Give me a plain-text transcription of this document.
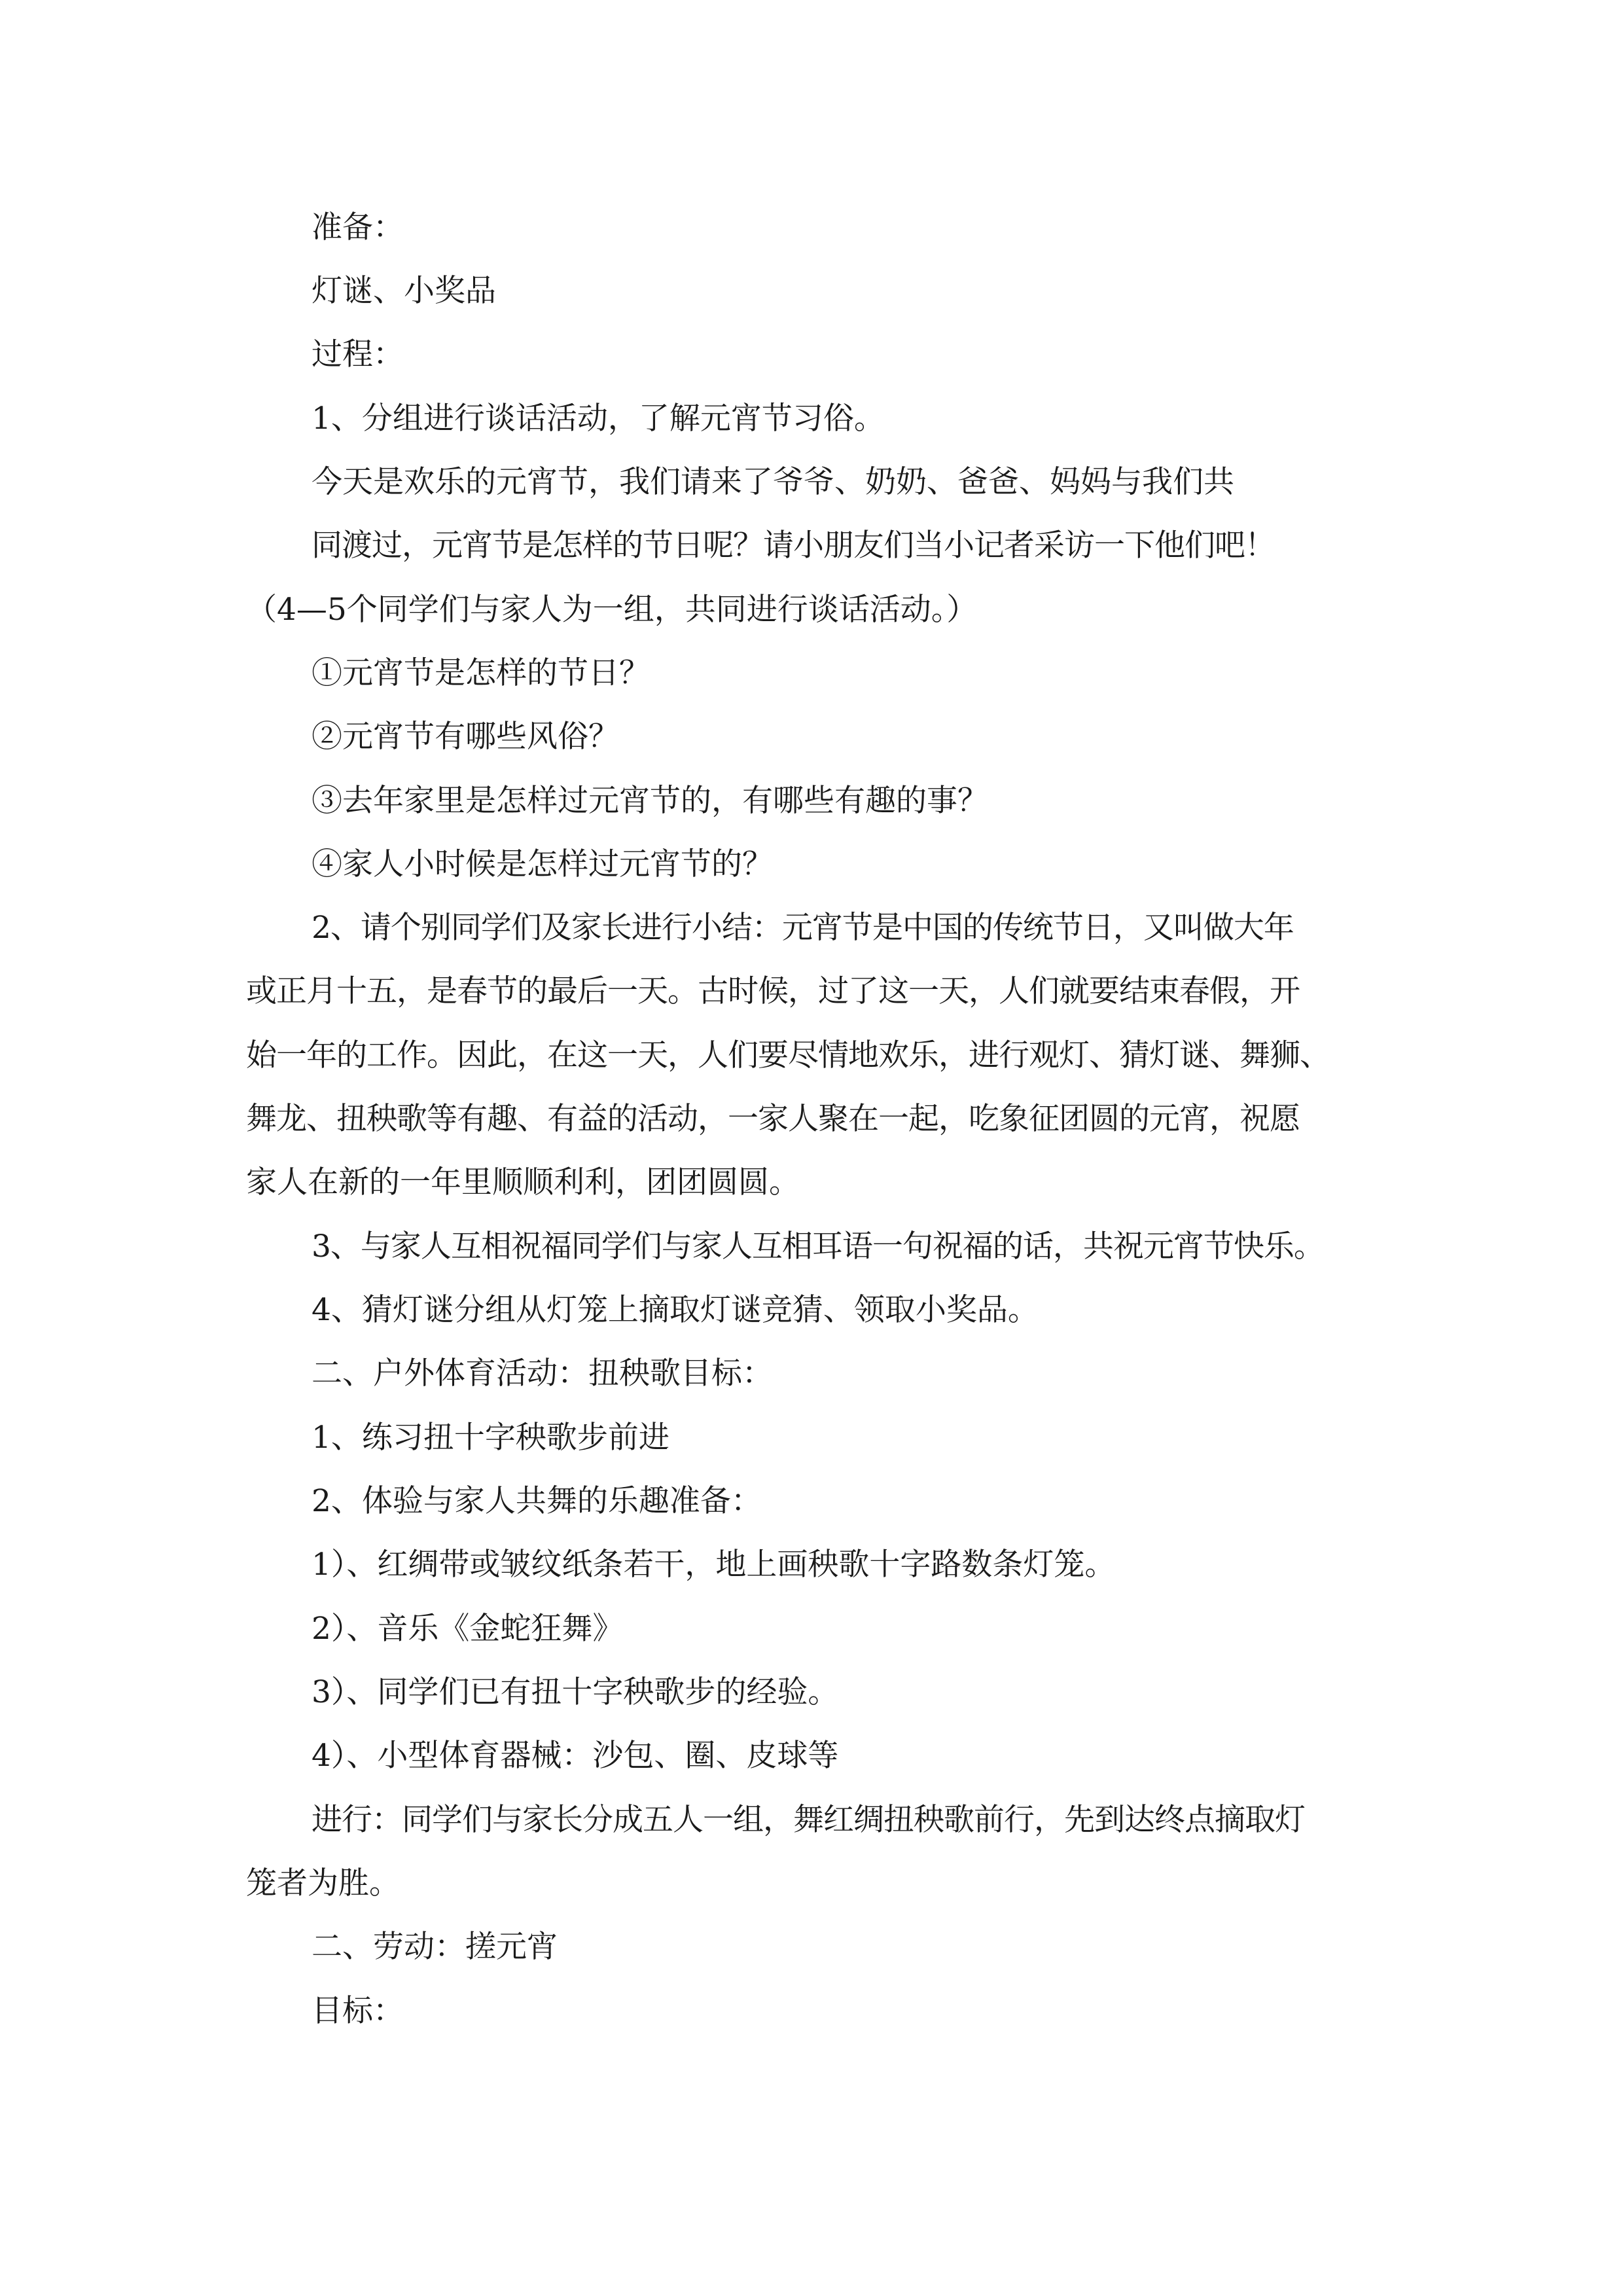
准备：

灯谜、小奖品

过程：

1、分组进行谈话活动，了解元宵节习俗。

今天是欢乐的元宵节，我们请来了爷爷、奶奶、爸爸、妈妈与我们共

同渡过，元宵节是怎样的节日呢？请小朋友们当小记者采访一下他们吧！

（4—5个同学们与家人为一组，共同进行谈话活动。）

①元宵节是怎样的节日？

②元宵节有哪些风俗？

③去年家里是怎样过元宵节的，有哪些有趣的事？

④家人小时候是怎样过元宵节的？

2、请个别同学们及家长进行小结：元宵节是中国的传统节日，又叫做大年

或正月十五，是春节的最后一天。古时候，过了这一天，人们就要结束春假，开

始一年的工作。因此，在这一天，人们要尽情地欢乐，进行观灯、猜灯谜、舞狮、

舞龙、扭秧歌等有趣、有益的活动，一家人聚在一起，吃象征团圆的元宵，祝愿

家人在新的一年里顺顺利利，团团圆圆。

3、与家人互相祝福同学们与家人互相耳语一句祝福的话，共祝元宵节快乐。

4、猜灯谜分组从灯笼上摘取灯谜竞猜、领取小奖品。

二、户外体育活动：扭秧歌目标：

1、练习扭十字秧歌步前进

2、体验与家人共舞的乐趣准备：

1）、红绸带或皱纹纸条若干，地上画秧歌十字路数条灯笼。

2）、音乐《金蛇狂舞》

3）、同学们已有扭十字秧歌步的经验。

4）、小型体育器械：沙包、圈、皮球等

进行：同学们与家长分成五人一组，舞红绸扭秧歌前行，先到达终点摘取灯

笼者为胜。

二、劳动：搓元宵

目标：
